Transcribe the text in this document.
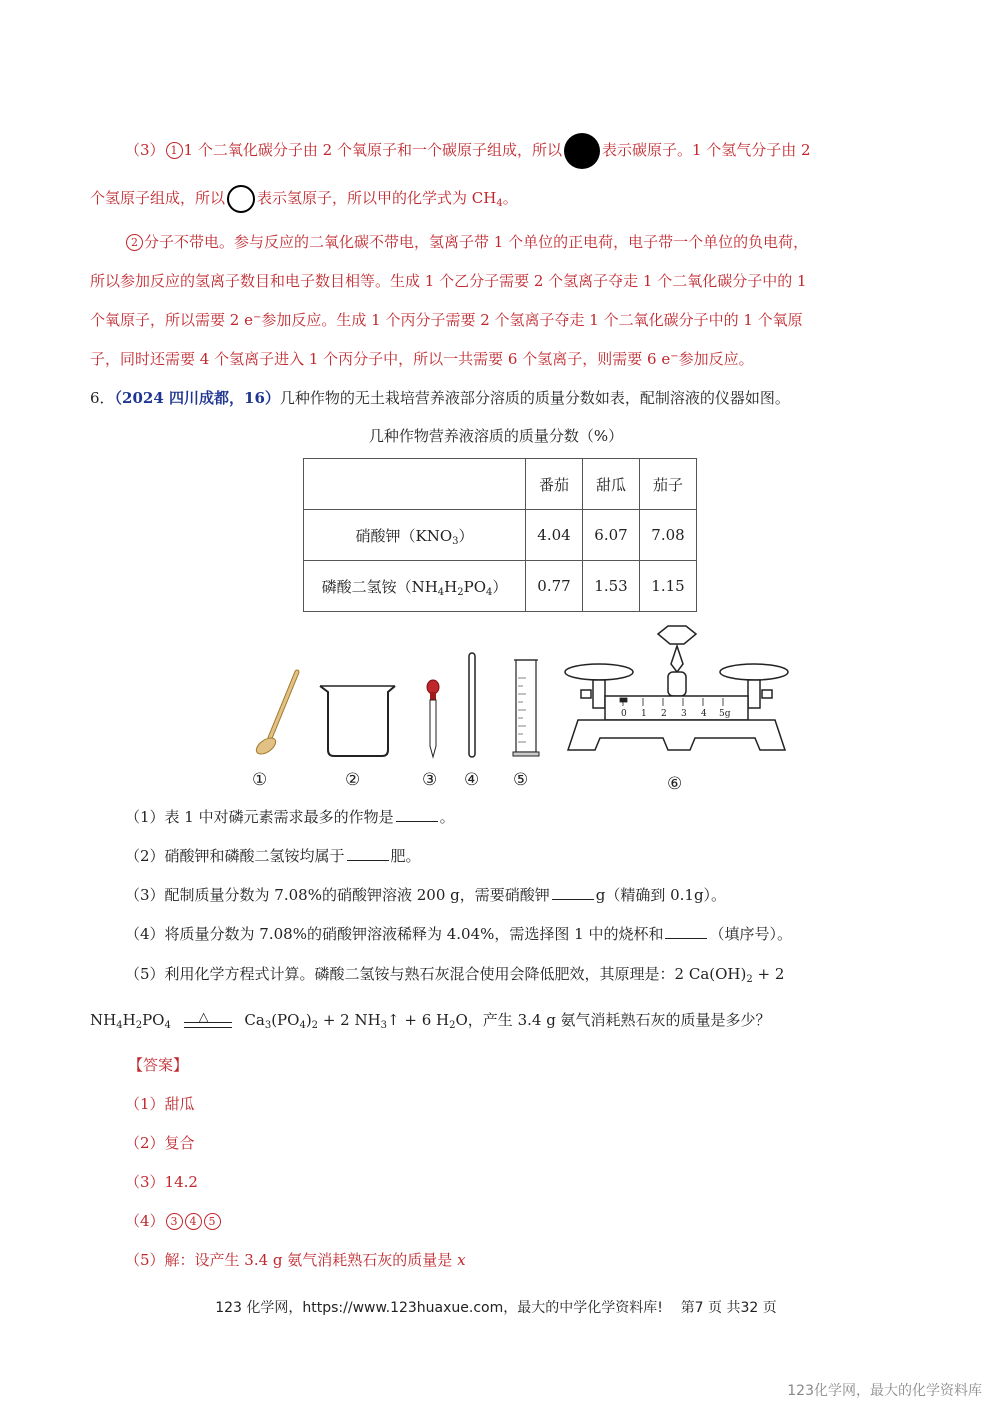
（3） 1 1 个二氧化碳分子由 2 个氧原子和一个碳原子组成，所以	表示碳原子。1 个氢气分子由 2
个氢原子组成，所以 表示氢原子，所以甲的化学式为 $CH_4$。
2 分子不带电。参与反应的二氧化碳不带电，氢离子带 1 个单位的正电荷，电子带一个单位的负电荷，
所以参加反应的氢离子数目和电子数目相等。生成 1 个乙分子需要 2 个氢离子夺走 1 个二氧化碳分子中的 1
个氧原子，所以需要 2 e−参加反应。生成 1 个丙分子需要 2 个氢离子夺走 1 个二氧化碳分子中的 1 个氧原
子，同时还需要 4 个氢离子进入 1 个丙分子中，所以一共需要 6 个氢离子，则需要 6 e−参加反应。
6．（2024 四川成都，16）几种作物的无土栽培营养液部分溶质的质量分数如表，配制溶液的仪器如图。
几种作物营养液溶质的质量分数（%）
	番茄	甜瓜	茄子
硝酸钾$(KNO_3)$	4.04	6.07	7.08
磷酸二氢铵$(NH_4H_2PO_4)$	0.77	1.53	1.15
0 1 2 3 4 5g
①	②	③ ④ ⑤	⑥
（1）表 1 中对磷元素需求最多的作物是	。
（2）硝酸钾和磷酸二氢铵均属于	肥。
（3）配制质量分数为 7.08%的硝酸钾溶液 200 g，需要硝酸钾	g（精确到 0.1g）。
（4）将质量分数为 7.08%的硝酸钾溶液稀释为 4.04%，需选择图 1 中的烧杯和	（填序号）。
（5）利用化学方程式计算。磷酸二氢铵与熟石灰混合使用会降低肥效，其原理是：2 $Ca(OH)_2 + 2$
$NH_4H_2PO_4$
△ $Ca_3(PO_4)_2 + 2$ $NH_3↑ + 6$ $H_2O$，产生 3.4 g 氨气消耗熟石灰的质量是多少？
【答案】
（1）甜瓜
（2）复合
（3）14.2
（4） 3 4 5
（5）解：设产生 3.4 g 氨气消耗熟石灰的质量是 x
123 化学网，https://www.123huaxue.com，最大的中学化学资料库! 第7 页 共32 页
123化学网，最大的化学资料库
